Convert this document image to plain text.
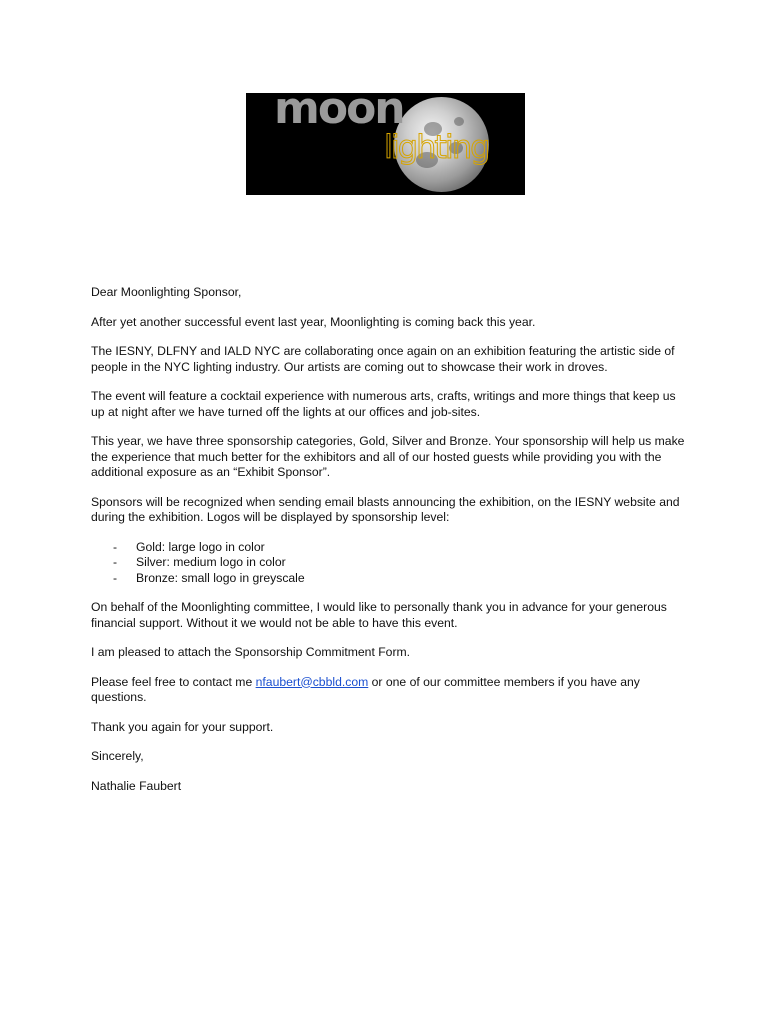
moon
lighting

Dear Moonlighting Sponsor,

After yet another successful event last year, Moonlighting is coming back this year.

The IESNY, DLFNY and IALD NYC are collaborating once again on an exhibition featuring the artistic side of people in the NYC lighting industry. Our artists are coming out to showcase their work in droves.

The event will feature a cocktail experience with numerous arts, crafts, writings and more things that keep us up at night after we have turned off the lights at our offices and job-sites.

This year, we have three sponsorship categories, Gold, Silver and Bronze. Your sponsorship will help us make the experience that much better for the exhibitors and all of our hosted guests while providing you with the additional exposure as an “Exhibit Sponsor”.

Sponsors will be recognized when sending email blasts announcing the exhibition, on the IESNY website and during the exhibition. Logos will be displayed by sponsorship level:

- Gold: large logo in color
- Silver: medium logo in color
- Bronze: small logo in greyscale

On behalf of the Moonlighting committee, I would like to personally thank you in advance for your generous financial support. Without it we would not be able to have this event.

I am pleased to attach the Sponsorship Commitment Form.

Please feel free to contact me nfaubert@cbbld.com or one of our committee members if you have any questions.

Thank you again for your support.

Sincerely,

Nathalie Faubert
